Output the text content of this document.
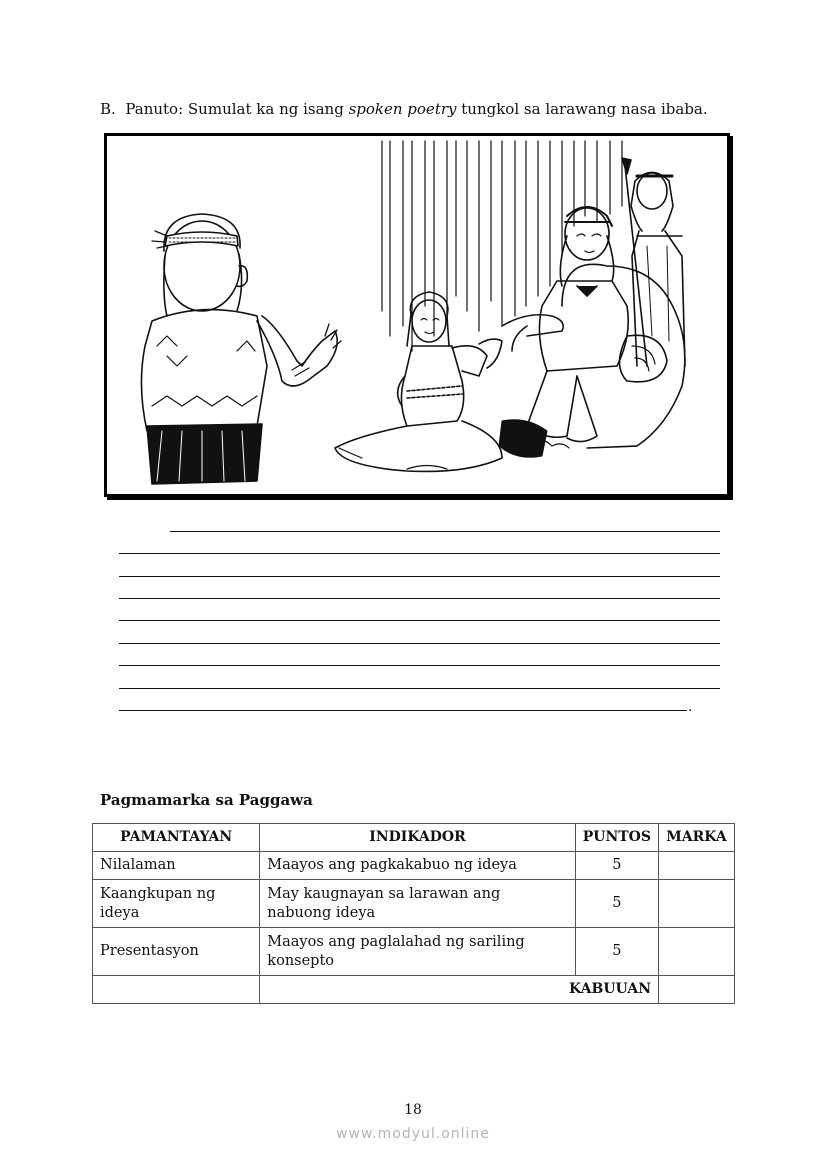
B. Panuto: Sumulat ka ng isang spoken poetry tungkol sa larawang nasa ibaba.
.
Pagmamarka sa Paggawa
PAMANTAYAN	INDIKADOR	PUNTOS	MARKA
Nilalaman	Maayos ang pagkakabuo ng ideya	5	
Kaangkupan ng ideya	May kaugnayan sa larawan ang nabuong ideya	5	
Presentasyon	Maayos ang paglalahad ng sariling konsepto	5	
	KABUUAN		
18
www.modyul.online
